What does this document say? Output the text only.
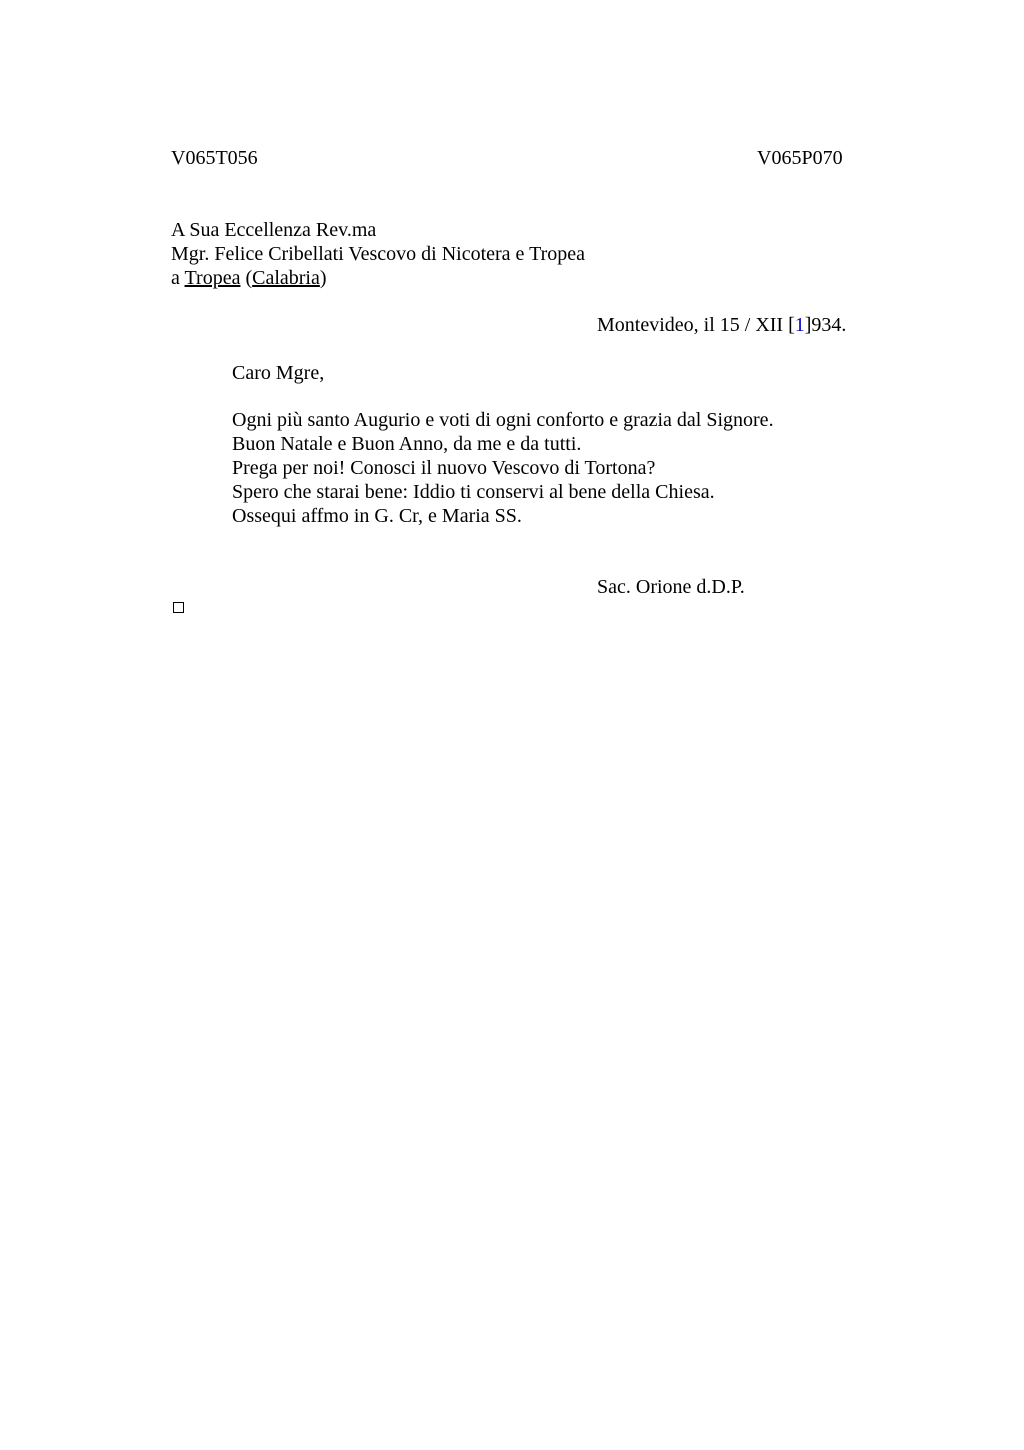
V065T056	V065P070
A Sua Eccellenza Rev.ma
Mgr. Felice Cribellati Vescovo di Nicotera e Tropea
a Tropea (Calabria)
Montevideo, il 15 / XII [1]934.
Caro Mgre,
Ogni più santo Augurio e voti di ogni conforto e grazia dal Signore.
Buon Natale e Buon Anno, da me e da tutti.
Prega per noi! Conosci il nuovo Vescovo di Tortona?
Spero che starai bene: Iddio ti conservi al bene della Chiesa.
Ossequi affmo in G. Cr, e Maria SS.
Sac. Orione d.D.P.
